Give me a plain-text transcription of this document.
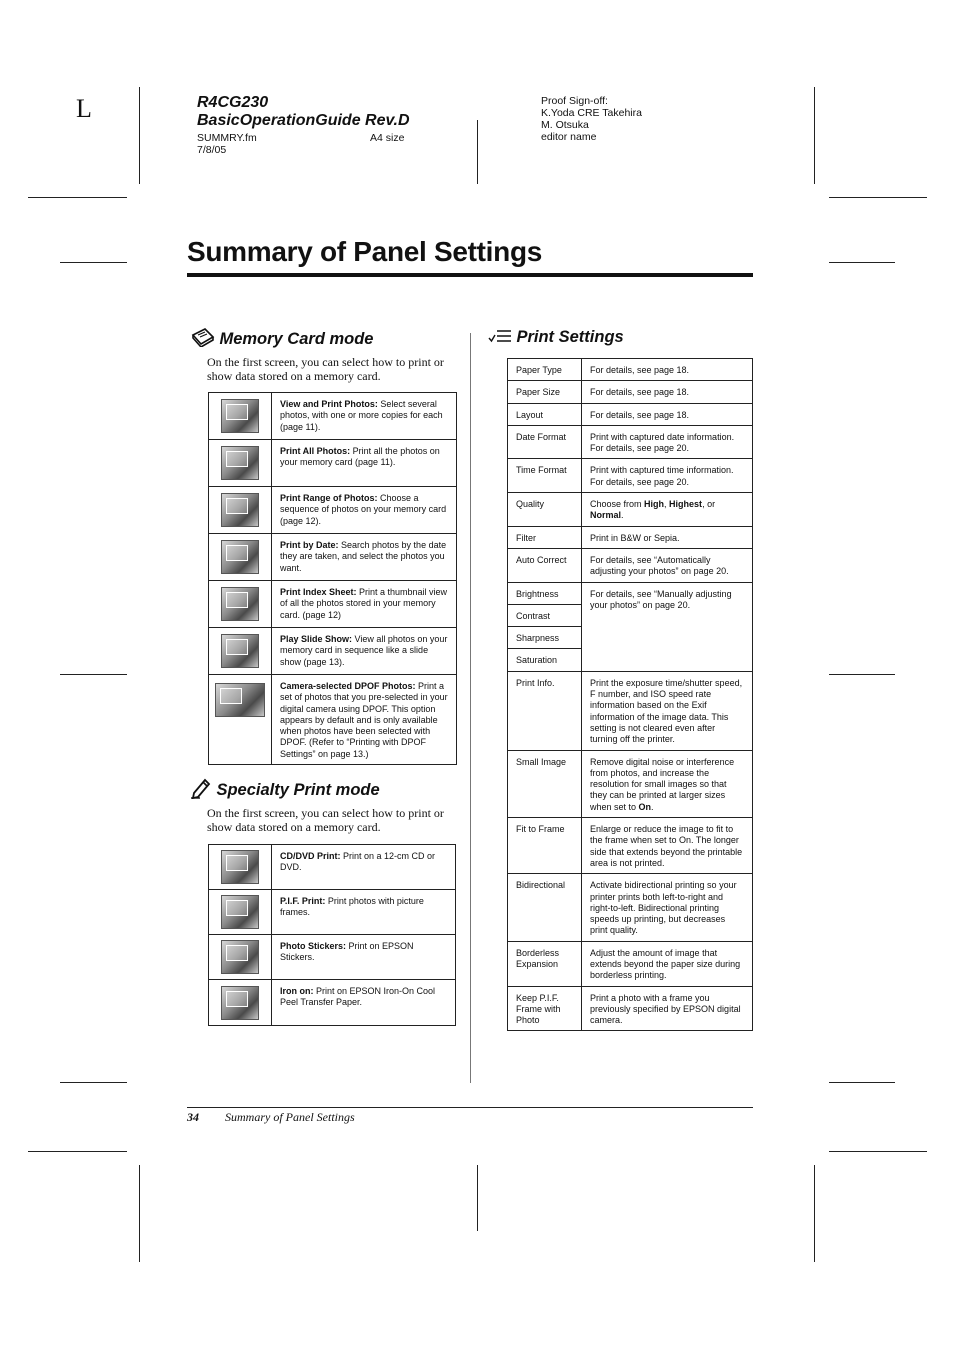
L	R4CG230
BasicOperationGuide Rev.D
SUMMRY.fm	A4 size
7/8/05
Proof Sign-off:
K.Yoda CRE Takehira
M. Otsuka
editor name
Summary of Panel Settings
Memory Card mode
On the first screen, you can select how to print or show data stored on a memory card.
	View and Print Photos: Select several photos, with one or more copies for each (page 11).

	Print All Photos: Print all the photos on your memory card (page 11).

	Print Range of Photos: Choose a sequence of photos on your memory card (page 12).

	Print by Date: Search photos by the date they are taken, and select the photos you want.

	Print Index Sheet: Print a thumbnail view of all the photos stored in your memory card. (page 12)

	Play Slide Show: View all photos on your memory card in sequence like a slide show (page 13).

	Camera-selected DPOF Photos: Print a set of photos that you pre-selected in your digital camera using DPOF. This option appears by default and is only available when photos have been selected with DPOF. (Refer to “Printing with DPOF Settings” on page 13.)
Specialty Print mode
On the first screen, you can select how to print or show data stored on a memory card.
	CD/DVD Print: Print on a 12-cm CD or DVD.

	P.I.F. Print: Print photos with picture frames.

	Photo Stickers: Print on EPSON Stickers.

	Iron on: Print on EPSON Iron-On Cool Peel Transfer Paper.
Print Settings
Paper Type	For details, see page 18.
Paper Size	For details, see page 18.
Layout	For details, see page 18.
Date Format	Print with captured date information. For details, see page 20.
Time Format	Print with captured time information. For details, see page 20.
Quality	Choose from High, Highest, or Normal.
Filter	Print in B&W or Sepia.
Auto Correct	For details, see “Automatically adjusting your photos” on page 20.
Brightness	For details, see “Manually adjusting your photos” on page 20.
Contrast	
Sharpness	
Saturation	
Print Info.	Print the exposure time/shutter speed, F number, and ISO speed rate information based on the Exif information of the image data. This setting is not cleared even after turning off the printer.
Small Image	Remove digital noise or interference from photos, and increase the resolution for small images so that they can be printed at larger sizes when set to On.
Fit to Frame	Enlarge or reduce the image to fit to the frame when set to On. The longer side that extends beyond the printable area is not printed.
Bidirectional	Activate bidirectional printing so your printer prints both left-to-right and right-to-left. Bidirectional printing speeds up printing, but decreases print quality.
Borderless Expansion	Adjust the amount of image that extends beyond the paper size during borderless printing.
Keep P.I.F. Frame with Photo	Print a photo with a frame you previously specified by EPSON digital camera.
34 Summary of Panel Settings
